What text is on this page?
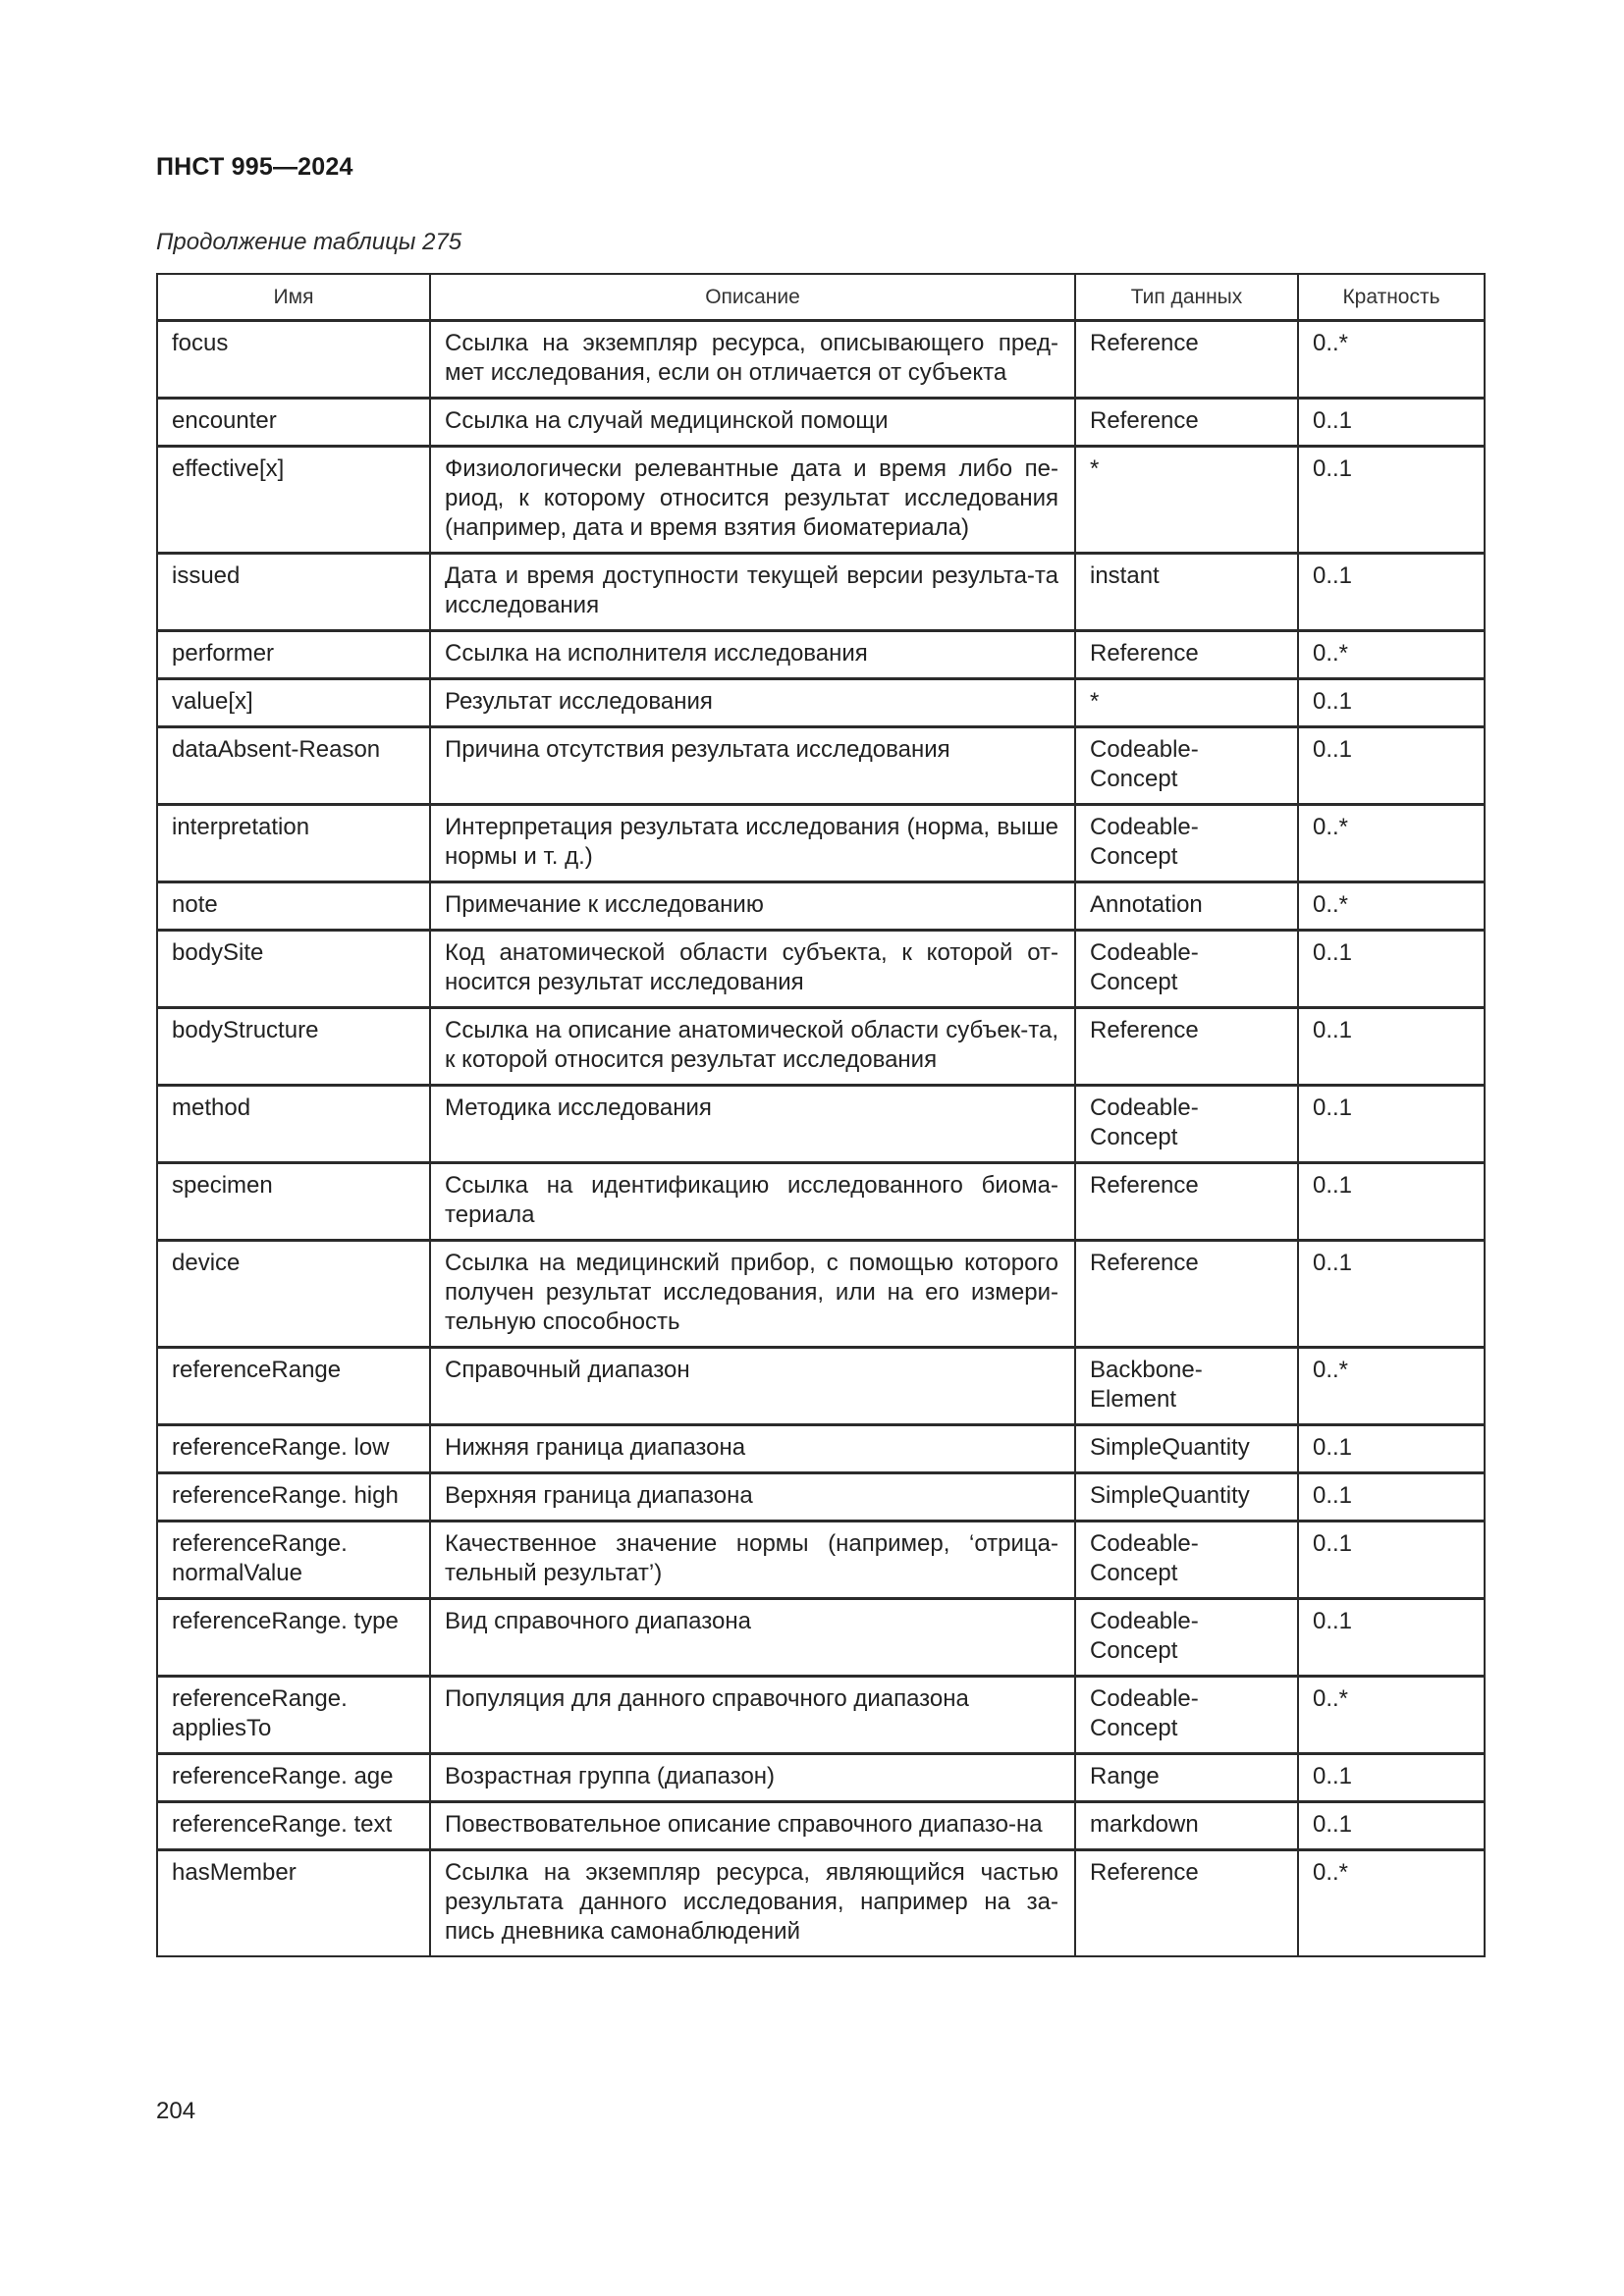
ПНСТ 995—2024
Продолжение таблицы 275
Имя	Описание	Тип данных	Кратность
focus	Ссылка на экземпляр ресурса, описывающего пред-мет исследования, если он отличается от субъекта	Reference	0..*
encounter	Ссылка на случай медицинской помощи	Reference	0..1
effective[x]	Физиологически релевантные дата и время либо пе-риод, к которому относится результат исследования (например, дата и время взятия биоматериала)	*	0..1
issued	Дата и время доступности текущей версии результа-та исследования	instant	0..1
performer	Ссылка на исполнителя исследования	Reference	0..*
value[x]	Результат исследования	*	0..1
dataAbsent-Reason	Причина отсутствия результата исследования	Codeable-Concept	0..1
interpretation	Интерпретация результата исследования (норма, выше нормы и т. д.)	Codeable-Concept	0..*
note	Примечание к исследованию	Annotation	0..*
bodySite	Код анатомической области субъекта, к которой от-носится результат исследования	Codeable-Concept	0..1
bodyStructure	Ссылка на описание анатомической области субъек-та, к которой относится результат исследования	Reference	0..1
method	Методика исследования	Codeable-Concept	0..1
specimen	Ссылка на идентификацию исследованного биома-териала	Reference	0..1
device	Ссылка на медицинский прибор, с помощью которого получен результат исследования, или на его измери-тельную способность	Reference	0..1
referenceRange	Справочный диапазон	Backbone-Element	0..*
referenceRange. low	Нижняя граница диапазона	SimpleQuantity	0..1
referenceRange. high	Верхняя граница диапазона	SimpleQuantity	0..1
referenceRange. normalValue	Качественное значение нормы (например, ‘отрица-тельный результат’)	Codeable-Concept	0..1
referenceRange. type	Вид справочного диапазона	Codeable-Concept	0..1
referenceRange. appliesTo	Популяция для данного справочного диапазона	Codeable-Concept	0..*
referenceRange. age	Возрастная группа (диапазон)	Range	0..1
referenceRange. text	Повествовательное описание справочного диапазо-на	markdown	0..1
hasMember	Ссылка на экземпляр ресурса, являющийся частью результата данного исследования, например на за-пись дневника самонаблюдений	Reference	0..*
204
